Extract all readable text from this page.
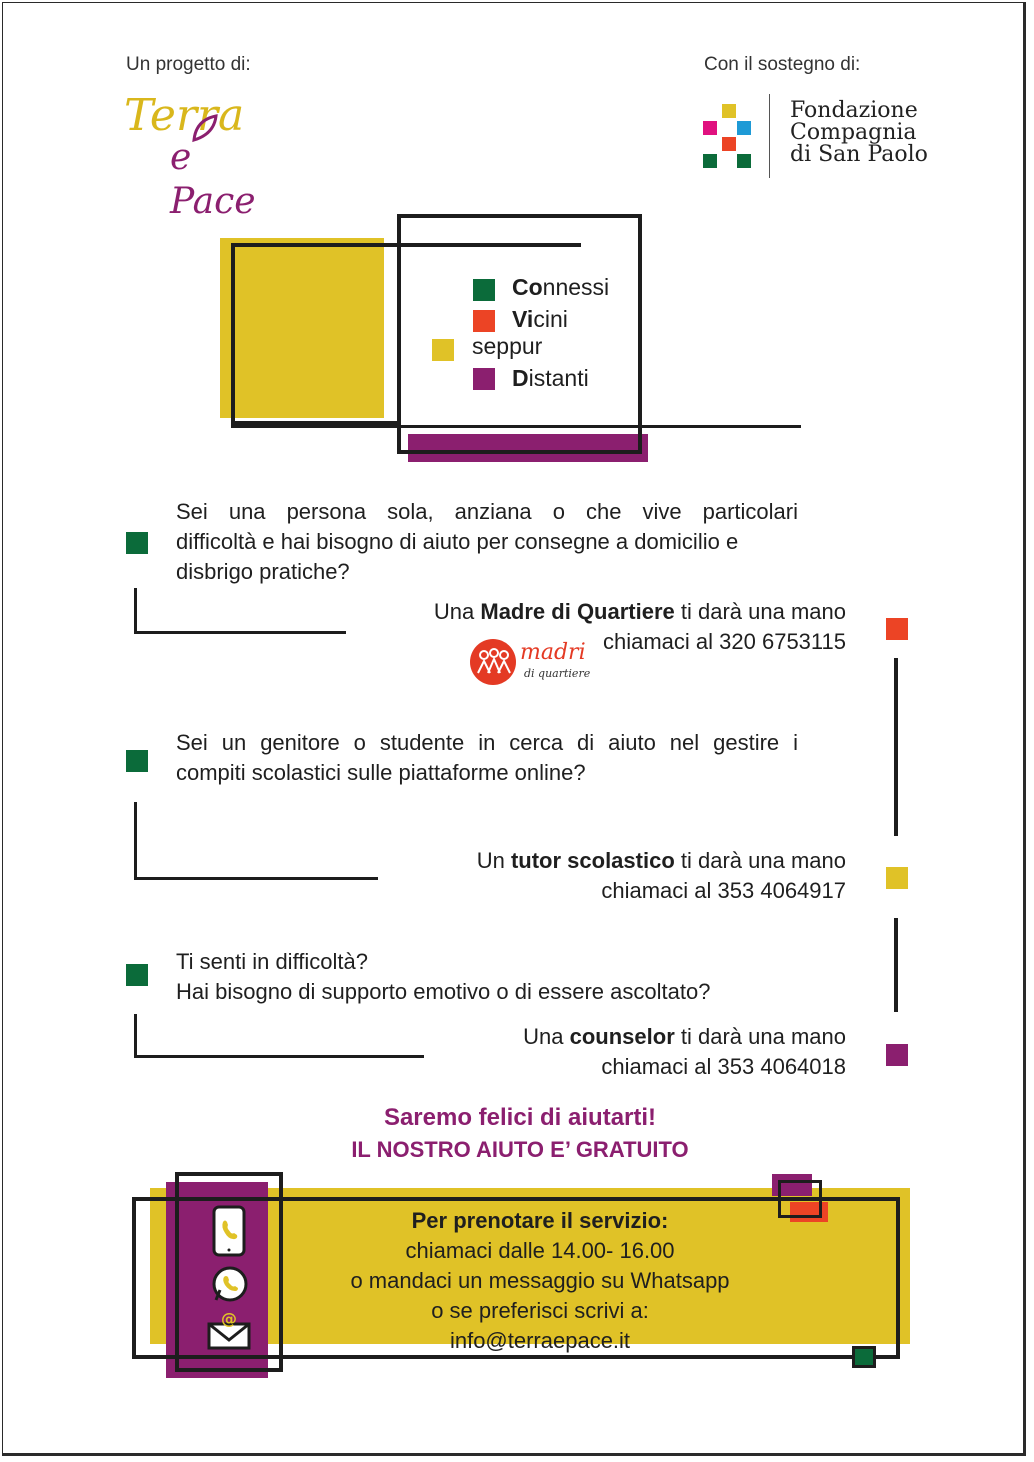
Un progetto di:	Con il sostegno di:
Terra
e Pace
Fondazione
Compagnia
di San Paolo
Connessi
Vicini
seppur
Distanti
Sei una persona sola, anziana o che vive particolari
difficoltà e hai bisogno di aiuto per consegne a domicilio e
disbrigo pratiche?
Una Madre di Quartiere ti darà una mano
chiamaci al 320 6753115
madri
di quartiere
Sei un genitore o studente in cerca di aiuto nel gestire i
compiti scolastici sulle piattaforme online?
Un tutor scolastico ti darà una mano
chiamaci al 353 4064917
Ti senti in difficoltà?
Hai bisogno di supporto emotivo o di essere ascoltato?
Una counselor ti darà una mano
chiamaci al 353 4064018
Saremo felici di aiutarti!
IL NOSTRO AIUTO E’ GRATUITO
@
Per prenotare il servizio:
chiamaci dalle 14.00- 16.00
o mandaci un messaggio su Whatsapp
o se preferisci scrivi a:
info@terraepace.it
